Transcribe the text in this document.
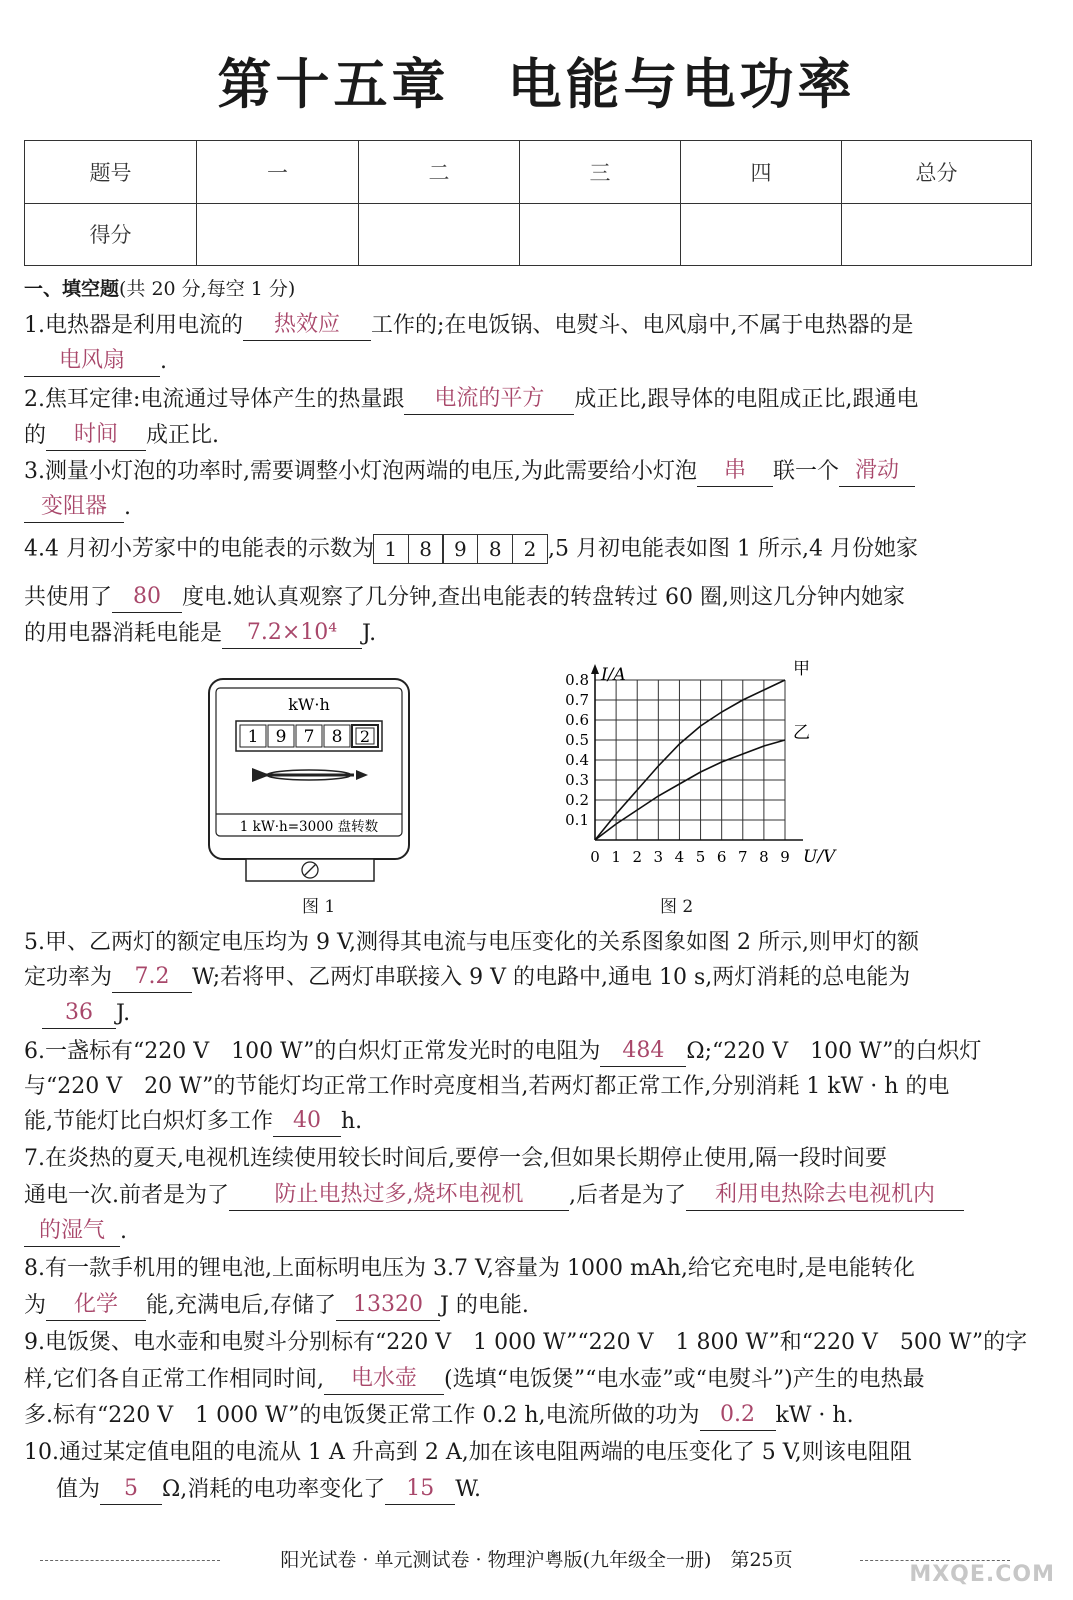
第十五章　电能与电功率
题号	一	二	三	四	总分
得分					
一、填空题(共 20 分,每空 1 分)
1.电热器是利用电流的 热效应 工作的;在电饭锅、电熨斗、电风扇中,不属于电热器的是
电风扇 .
2.焦耳定律:电流通过导体产生的热量跟 电流的平方 成正比,跟导体的电阻成正比,跟通电
的 时间 成正比.
3.测量小灯泡的功率时,需要调整小灯泡两端的电压,为此需要给小灯泡 串 联一个 滑动
变阻器 .
4.4 月初小芳家中的电能表的示数为 1 8 9 8 2 ,5 月初电能表如图 1 所示,4 月份她家
共使用了 80 度电.她认真观察了几分钟,查出电能表的转盘转过 60 圈,则这几分钟内她家
的用电器消耗电能是 7.2×10⁴ J.
kW·h
1 9 7 8 2
1 kW·h=3000 盘转数
图 1
0.8
0.7
0.6
0.5
0.4
0.3
0.2
0.1
0 1 2 3 4 5 6 7 8 9
I/A
U/V
甲
乙
图 2
5.甲、乙两灯的额定电压均为 9 V,测得其电流与电压变化的关系图象如图 2 所示,则甲灯的额
定功率为 7.2 W;若将甲、乙两灯串联接入 9 V 的电路中,通电 10 s,两灯消耗的总电能为
36 J.
6.一盏标有“220 V　100 W”的白炽灯正常发光时的电阻为 484 Ω;“220 V　100 W”的白炽灯
与“220 V　20 W”的节能灯均正常工作时亮度相当,若两灯都正常工作,分别消耗 1 kW · h 的电
能,节能灯比白炽灯多工作 40 h.
7.在炎热的夏天,电视机连续使用较长时间后,要停一会,但如果长期停止使用,隔一段时间要
通电一次.前者是为了 防止电热过多,烧坏电视机 ,后者是为了 利用电热除去电视机内
的湿气 .
8.有一款手机用的锂电池,上面标明电压为 3.7 V,容量为 1000 mAh,给它充电时,是电能转化
为 化学 能,充满电后,存储了 13320 J 的电能.
9.电饭煲、电水壶和电熨斗分别标有“220 V　1 000 W”“220 V　1 800 W”和“220 V　500 W”的字
样,它们各自正常工作相同时间, 电水壶 (选填“电饭煲”“电水壶”或“电熨斗”)产生的电热最
多.标有“220 V　1 000 W”的电饭煲正常工作 0.2 h,电流所做的功为 0.2 kW · h.
10.通过某定值电阻的电流从 1 A 升高到 2 A,加在该电阻两端的电压变化了 5 V,则该电阻阻
值为 5 Ω,消耗的电功率变化了 15 W.
阳光试卷 · 单元测试卷 · 物理沪粤版(九年级全一册)　第25页
MXQE.COM
